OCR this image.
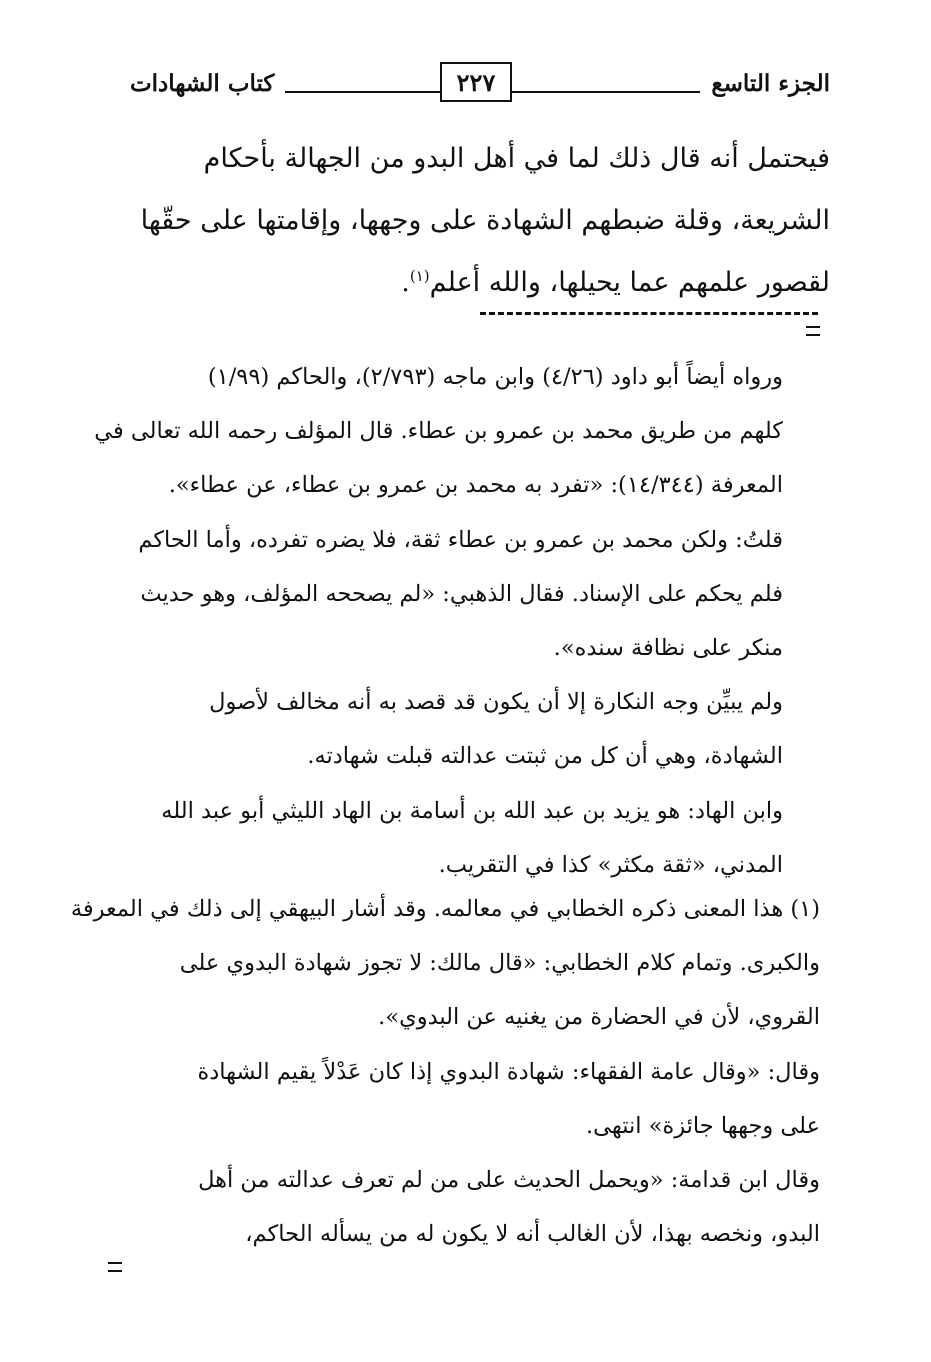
الجزء التاسع
٢٢٧
كتاب الشهادات
فيحتمل أنه قال ذلك لما في أهل البدو من الجهالة بأحكام
الشريعة، وقلة ضبطهم الشهادة على وجهها، وإقامتها على حقّها
لقصور علمهم عما يحيلها، والله أعلم$^{(١)}$.
ورواه أيضاً أبو داود (٤/٢٦) وابن ماجه (٢/٧٩٣)، والحاكم (١/٩٩)
كلهم من طريق محمد بن عمرو بن عطاء. قال المؤلف رحمه الله تعالى في
المعرفة (١٤/٣٤٤): «تفرد به محمد بن عمرو بن عطاء، عن عطاء».
قلتُ: ولكن محمد بن عمرو بن عطاء ثقة، فلا يضره تفرده، وأما الحاكم
فلم يحكم على الإسناد. فقال الذهبي: «لم يصححه المؤلف، وهو حديث
منكر على نظافة سنده».
ولم يبيِّن وجه النكارة إلا أن يكون قد قصد به أنه مخالف لأصول
الشهادة، وهي أن كل من ثبتت عدالته قبلت شهادته.
وابن الهاد: هو يزيد بن عبد الله بن أسامة بن الهاد الليثي أبو عبد الله
المدني، «ثقة مكثر» كذا في التقريب.
(١) هذا المعنى ذكره الخطابي في معالمه. وقد أشار البيهقي إلى ذلك في المعرفة
والكبرى. وتمام كلام الخطابي: «قال مالك: لا تجوز شهادة البدوي على
القروي، لأن في الحضارة من يغنيه عن البدوي».
وقال: «وقال عامة الفقهاء: شهادة البدوي إذا كان عَدْلاً يقيم الشهادة
على وجهها جائزة» انتهى.
وقال ابن قدامة: «ويحمل الحديث على من لم تعرف عدالته من أهل
البدو، ونخصه بهذا، لأن الغالب أنه لا يكون له من يسأله الحاكم،
